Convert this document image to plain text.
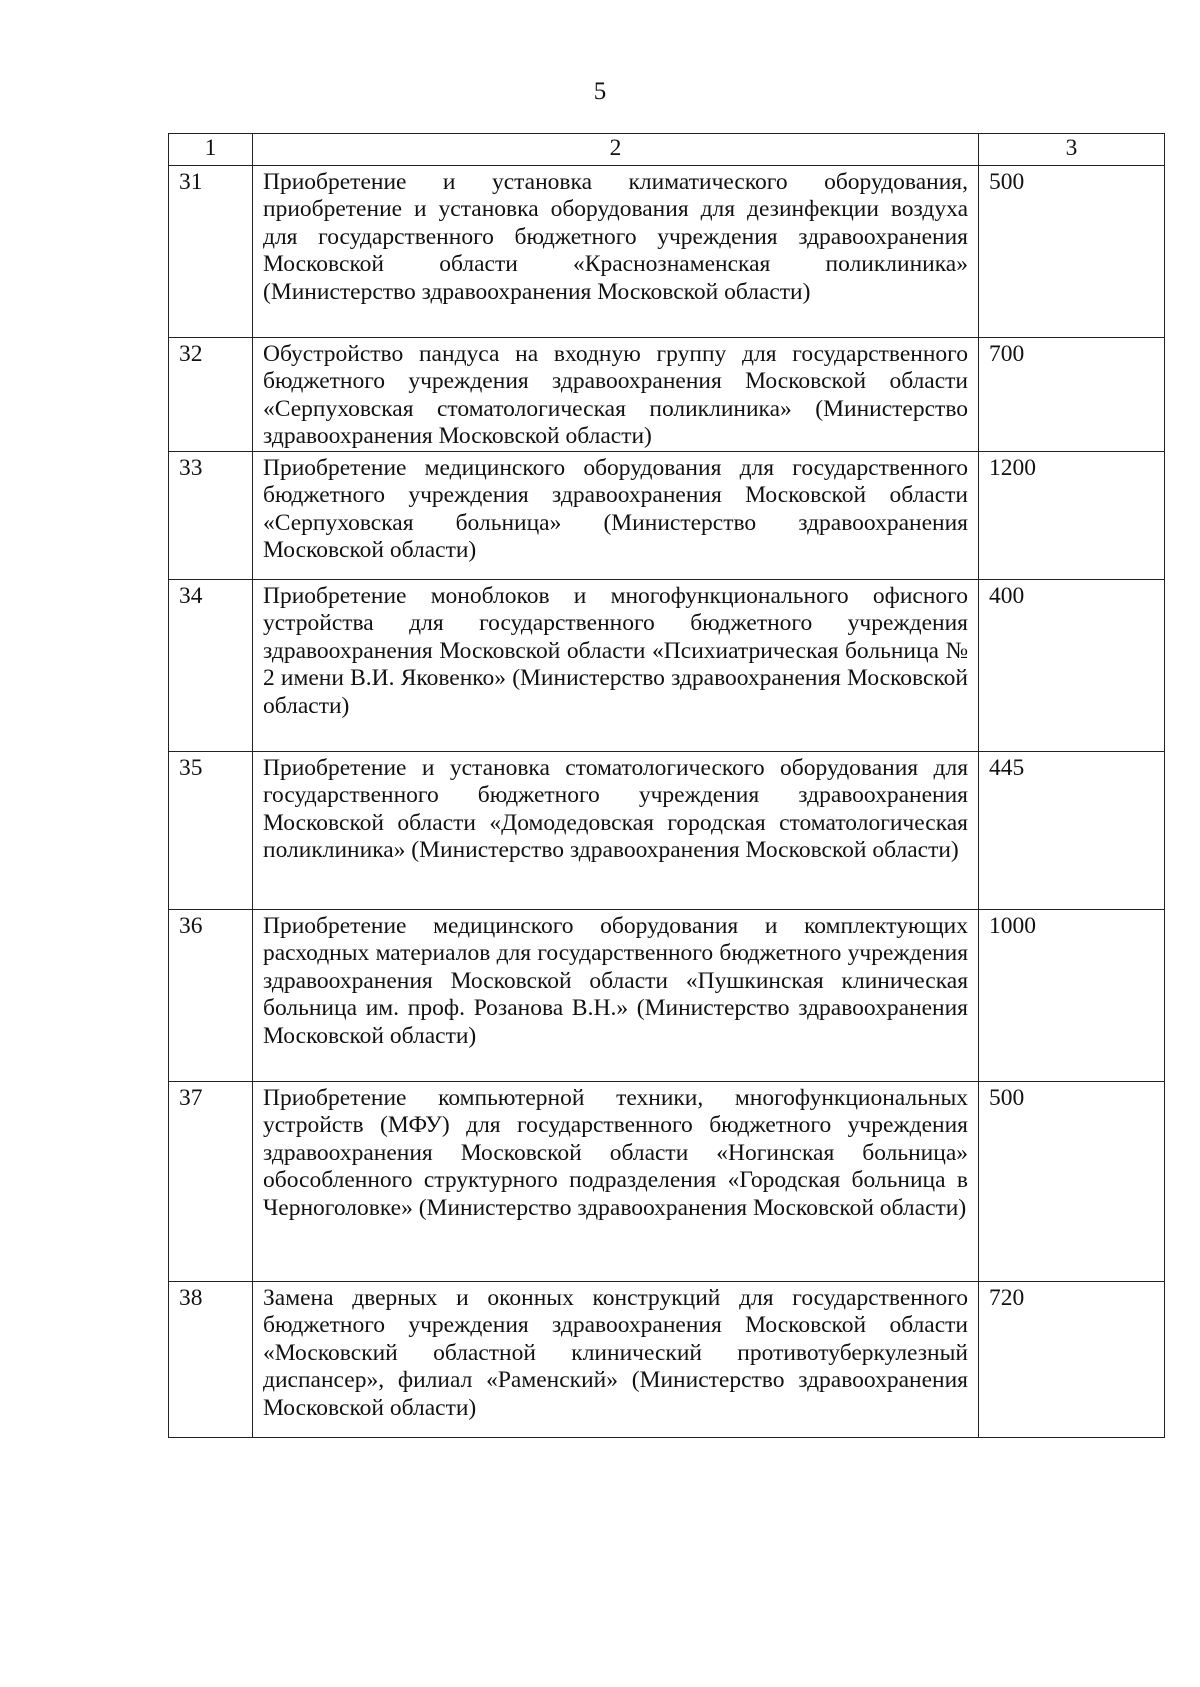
5
1	2	3
31	Приобретение и установка климатического оборудования, приобретение и установка оборудования для дезинфекции воздуха для государственного бюджетного учреждения здравоохранения Московской области «Краснознаменская поликлиника» (Министерство здравоохранения Московской области)	500
32	Обустройство пандуса на входную группу для государственного бюджетного учреждения здравоохранения Московской области «Серпуховская стоматологическая поликлиника» (Министерство здравоохранения Московской области)	700
33	Приобретение медицинского оборудования для государственного бюджетного учреждения здравоохранения Московской области «Серпуховская больница» (Министерство здравоохранения Московской области)	1200
34	Приобретение моноблоков и многофункционального офисного устройства для государственного бюджетного учреждения здравоохранения Московской области «Психиатрическая больница № 2 имени В.И. Яковенко» (Министерство здравоохранения Московской области)	400
35	Приобретение и установка стоматологического оборудования для государственного бюджетного учреждения здравоохранения Московской области «Домодедовская городская стоматологическая поликлиника» (Министерство здравоохранения Московской области)	445
36	Приобретение медицинского оборудования и комплектующих расходных материалов для государственного бюджетного учреждения здравоохранения Московской области «Пушкинская клиническая больница им. проф. Розанова В.Н.» (Министерство здравоохранения Московской области)	1000
37	Приобретение компьютерной техники, многофункциональных устройств (МФУ) для государственного бюджетного учреждения здравоохранения Московской области «Ногинская больница» обособленного структурного подразделения «Городская больница в Черноголовке» (Министерство здравоохранения Московской области)	500
38	Замена дверных и оконных конструкций для государственного бюджетного учреждения здравоохранения Московской области «Московский областной клинический противотуберкулезный диспансер», филиал «Раменский» (Министерство здравоохранения Московской области)	720
